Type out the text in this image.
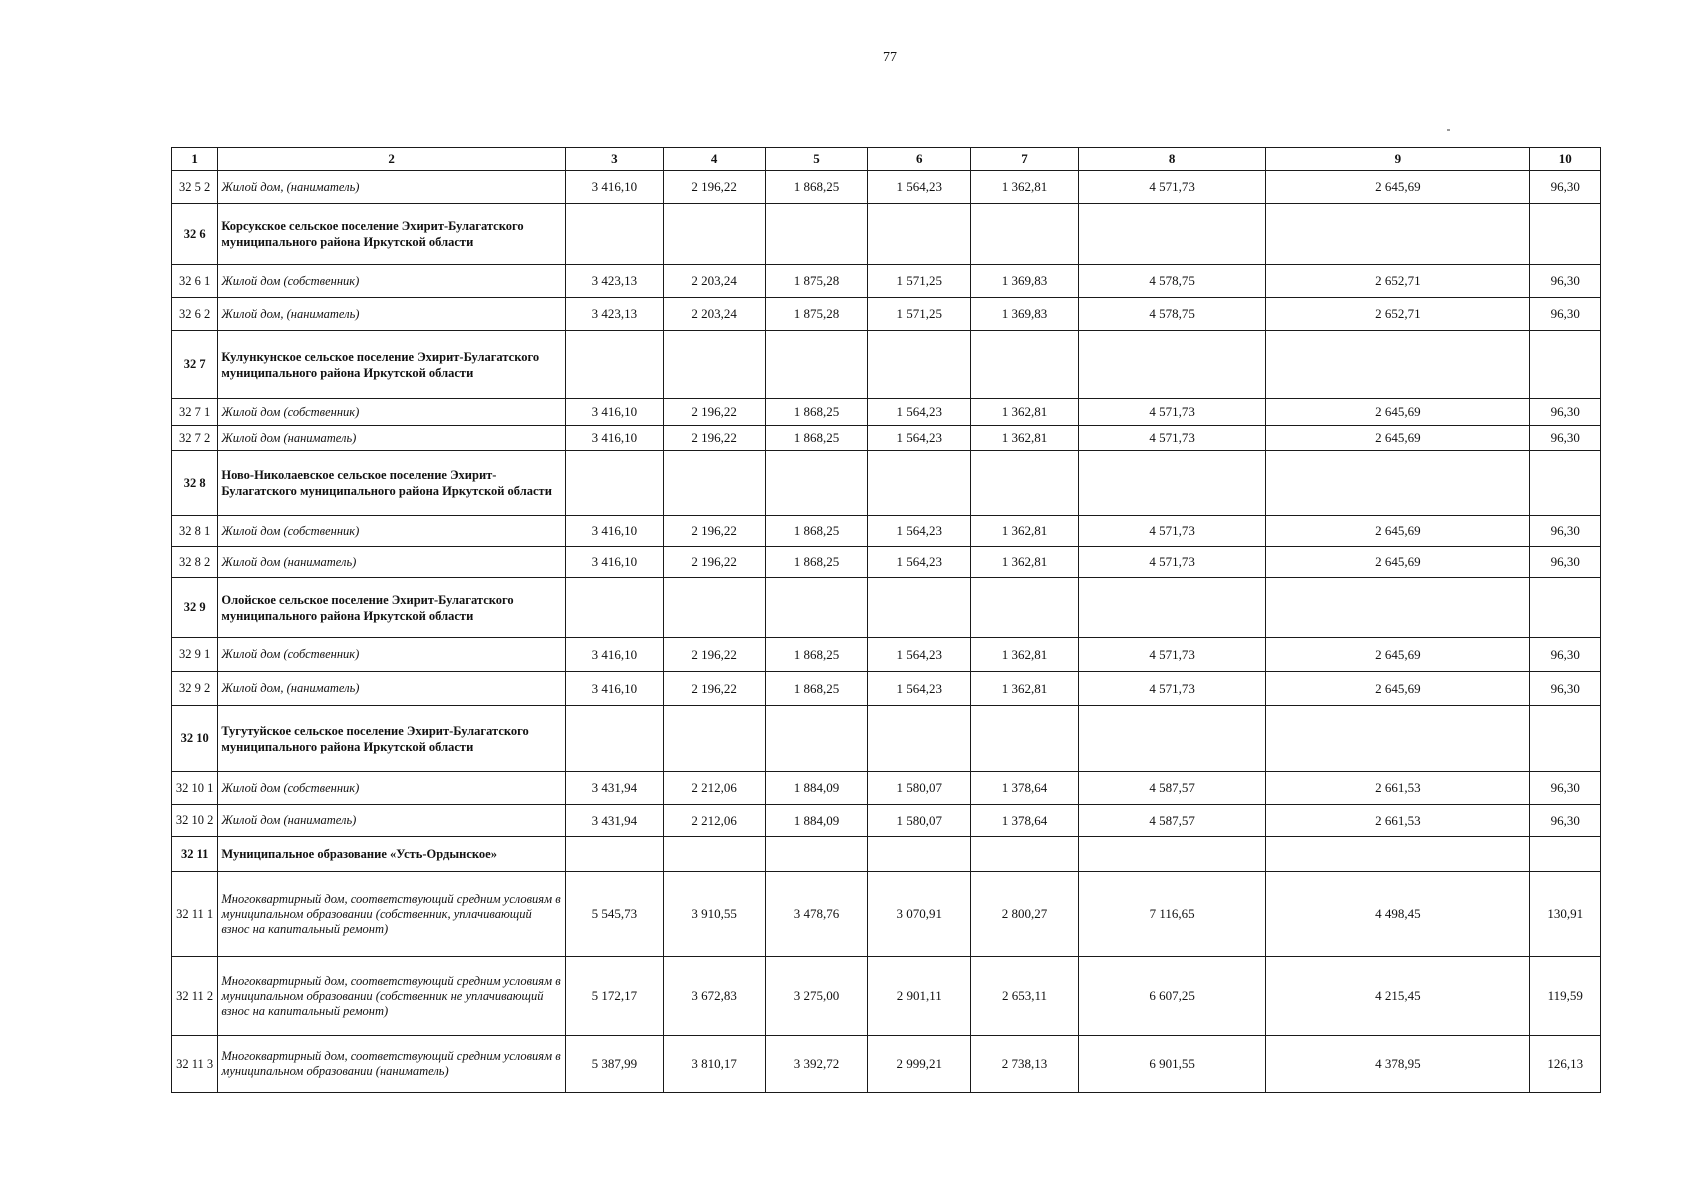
77
1	2	3	4	5	6	7	8	9	10
32 5 2	Жилой дом, (наниматель)	3 416,10	2 196,22	1 868,25	1 564,23	1 362,81	4 571,73	2 645,69	96,30
32 6	Корсукское сельское поселение Эхирит-Булагатского муниципального района Иркутской области								
32 6 1	Жилой дом (собственник)	3 423,13	2 203,24	1 875,28	1 571,25	1 369,83	4 578,75	2 652,71	96,30
32 6 2	Жилой дом, (наниматель)	3 423,13	2 203,24	1 875,28	1 571,25	1 369,83	4 578,75	2 652,71	96,30
32 7	Кулункунское сельское поселение Эхирит-Булагатского муниципального района Иркутской области								
32 7 1	Жилой дом (собственник)	3 416,10	2 196,22	1 868,25	1 564,23	1 362,81	4 571,73	2 645,69	96,30
32 7 2	Жилой дом (наниматель)	3 416,10	2 196,22	1 868,25	1 564,23	1 362,81	4 571,73	2 645,69	96,30
32 8	Ново-Николаевское сельское поселение Эхирит-Булагатского муниципального района Иркутской области								
32 8 1	Жилой дом (собственник)	3 416,10	2 196,22	1 868,25	1 564,23	1 362,81	4 571,73	2 645,69	96,30
32 8 2	Жилой дом (наниматель)	3 416,10	2 196,22	1 868,25	1 564,23	1 362,81	4 571,73	2 645,69	96,30
32 9	Олойское сельское поселение Эхирит-Булагатского муниципального района Иркутской области								
32 9 1	Жилой дом (собственник)	3 416,10	2 196,22	1 868,25	1 564,23	1 362,81	4 571,73	2 645,69	96,30
32 9 2	Жилой дом, (наниматель)	3 416,10	2 196,22	1 868,25	1 564,23	1 362,81	4 571,73	2 645,69	96,30
32 10	Тугутуйское сельское поселение Эхирит-Булагатского муниципального района Иркутской области								
32 10 1	Жилой дом (собственник)	3 431,94	2 212,06	1 884,09	1 580,07	1 378,64	4 587,57	2 661,53	96,30
32 10 2	Жилой дом (наниматель)	3 431,94	2 212,06	1 884,09	1 580,07	1 378,64	4 587,57	2 661,53	96,30
32 11	Муниципальное образование «Усть-Ордынское»								
32 11 1	Многоквартирный дом, соответствующий средним условиям в муниципальном образовании (собственник, уплачивающий взнос на капитальный ремонт)	5 545,73	3 910,55	3 478,76	3 070,91	2 800,27	7 116,65	4 498,45	130,91
32 11 2	Многоквартирный дом, соответствующий средним условиям в муниципальном образовании (собственник не уплачивающий взнос на капитальный ремонт)	5 172,17	3 672,83	3 275,00	2 901,11	2 653,11	6 607,25	4 215,45	119,59
32 11 3	Многоквартирный дом, соответствующий средним условиям в муниципальном образовании (наниматель)	5 387,99	3 810,17	3 392,72	2 999,21	2 738,13	6 901,55	4 378,95	126,13
